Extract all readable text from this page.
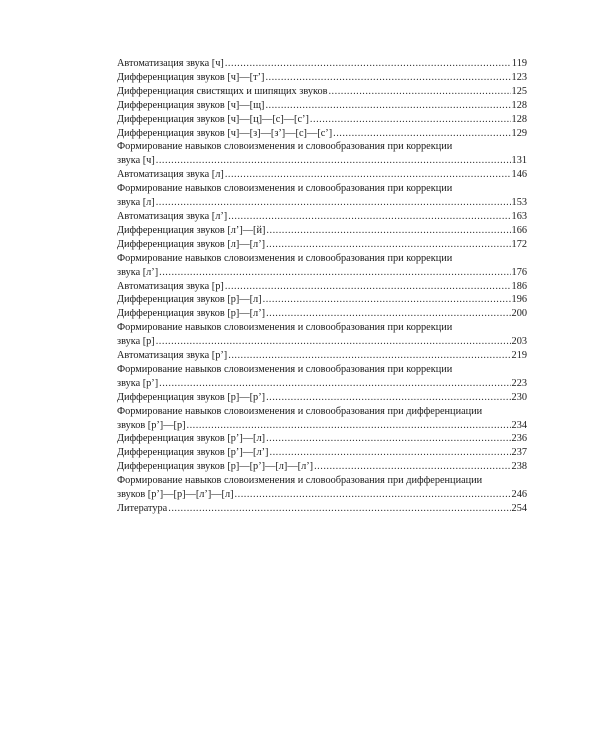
Автоматизация звука [ч] .....	119
Дифференциация звуков [ч]—[т’] .....	123
Дифференциация свистящих и шипящих звуков .....	125
Дифференциация звуков [ч]—[щ] .....	128
Дифференциация звуков [ч]—[ц]—[с]—[с’] .....	128
Дифференциация звуков [ч]—[з]—[з’]—[с]—[с’] .....	129
Формирование навыков словоизменения и словообразования при коррекции
звука [ч] .....	131
Автоматизация звука [л] .....	146
Формирование навыков словоизменения и словообразования при коррекции
звука [л] .....	153
Автоматизация звука [л’] .....	163
Дифференциация звуков [л’]—[й] .....	166
Дифференциация звуков [л]—[л’] .....	172
Формирование навыков словоизменения и словообразования при коррекции
звука [л’] .....	176
Автоматизация звука [р] .....	186
Дифференциация звуков [р]—[л] .....	196
Дифференциация звуков [р]—[л’] .....	200
Формирование навыков словоизменения и словообразования при коррекции
звука [р] .....	203
Автоматизация звука [р’] .....	219
Формирование навыков словоизменения и словообразования при коррекции
звука [р’] .....	223
Дифференциация звуков [р]—[р’] .....	230
Формирование навыков словоизменения и словообразования при дифференциации
звуков [р’]—[р] .....	234
Дифференциация звуков [р’]—[л] .....	236
Дифференциация звуков [р’]—[л’] .....	237
Дифференциация звуков [р]—[р’]—[л]—[л’] .....	238
Формирование навыков словоизменения и словообразования при дифференциации
звуков [р’]—[р]—[л’]—[л] .....	246
Литература .....	254
